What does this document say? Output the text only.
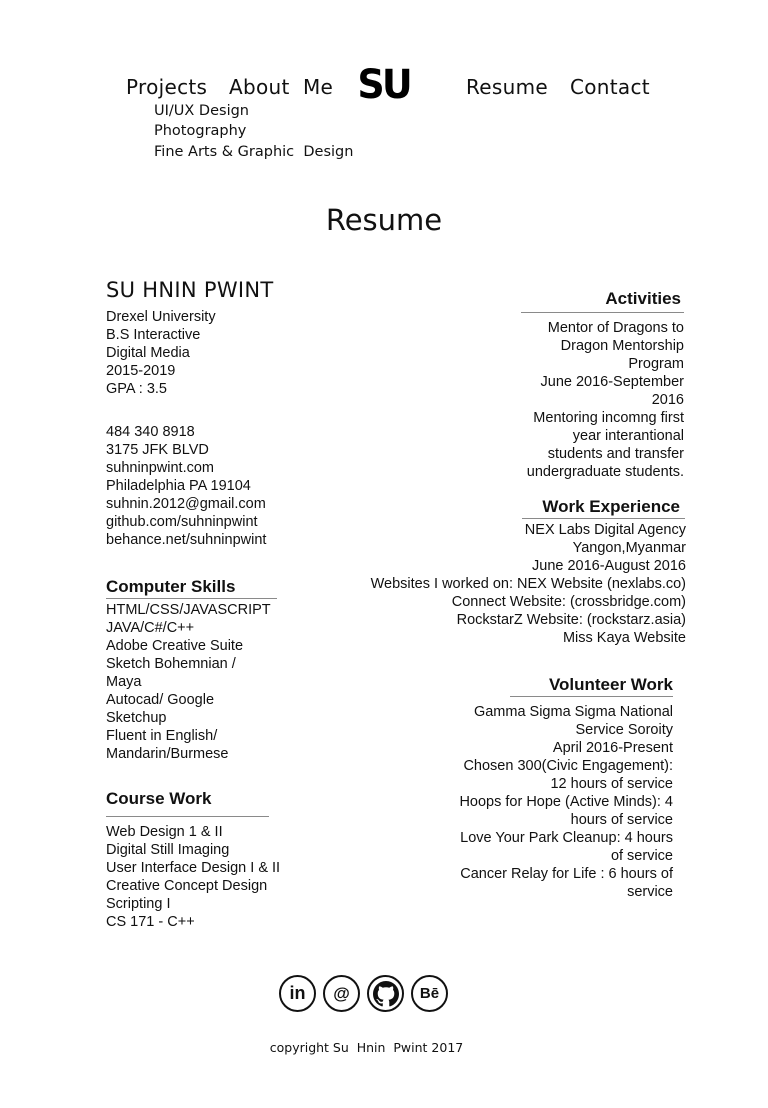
Projects About  Me SU	Resume Contact
UI/UX Design
Photography
Fine Arts & Graphic  Design
Resume
SU HNIN PWINT
Drexel University
B.S Interactive
Digital Media
2015-2019
GPA : 3.5
484 340 8918
3175 JFK BLVD
suhninpwint.com
Philadelphia PA 19104
suhnin.2012@gmail.com
github.com/suhninpwint
behance.net/suhninpwint
Computer Skills
HTML/CSS/JAVASCRIPT
JAVA/C#/C++
Adobe Creative Suite
Sketch Bohemnian /
Maya
Autocad/ Google
Sketchup
Fluent in English/
Mandarin/Burmese
Course Work
Web Design 1 & II
Digital Still Imaging
User Interface Design I & II
Creative Concept Design
Scripting I
CS 171 - C++
Activities
Mentor of Dragons to
Dragon Mentorship
Program
June 2016-September
2016
Mentoring incomng first
year interantional
students and transfer
undergraduate students.
Work Experience
NEX Labs Digital Agency
Yangon,Myanmar
June 2016-August 2016
Websites I worked on: NEX Website (nexlabs.co)
Connect Website: (crossbridge.com)
RockstarZ Website: (rockstarz.asia)
Miss Kaya Website
Volunteer Work
Gamma Sigma Sigma National
Service Soroity
April 2016-Present
Chosen 300(Civic Engagement):
12 hours of service
Hoops for Hope (Active Minds): 4
hours of service
Love Your Park Cleanup: 4 hours
of service
Cancer Relay for Life : 6 hours of
service
in @	Bē
copyright Su  Hnin  Pwint 2017
